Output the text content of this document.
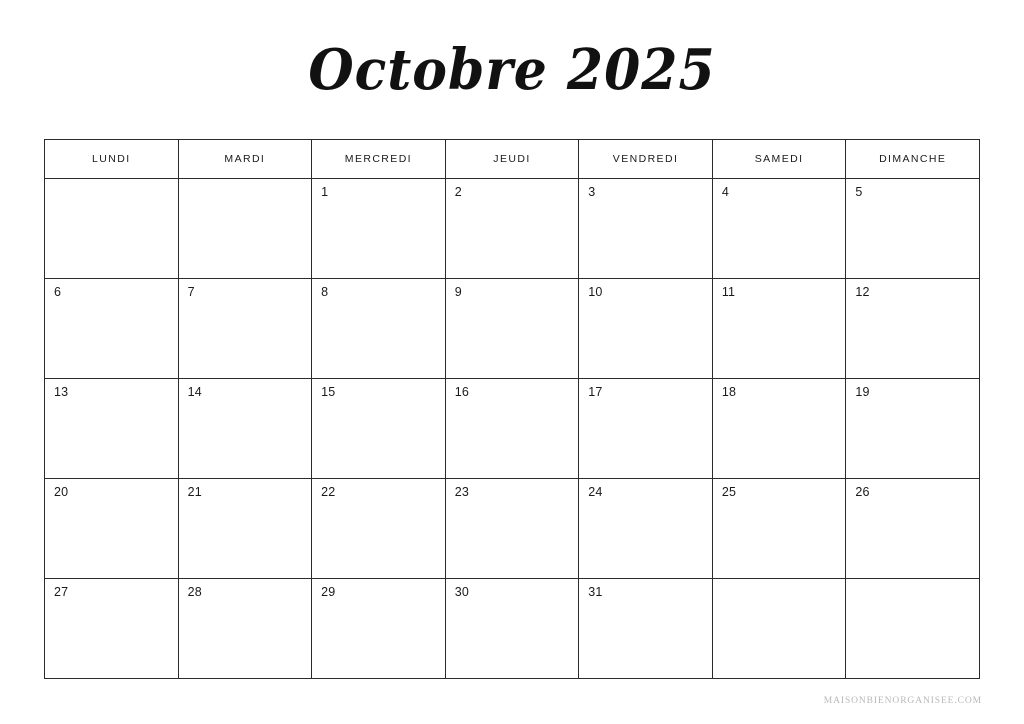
Octobre 2025
LUNDI	MARDI	MERCREDI	JEUDI	VENDREDI	SAMEDI	DIMANCHE

		1	2	3	4	5

6	7	8	9	10	11	12

13	14	15	16	17	18	19

20	21	22	23	24	25	26

27	28	29	30	31		

MAISONBIENORGANISEE.COM
